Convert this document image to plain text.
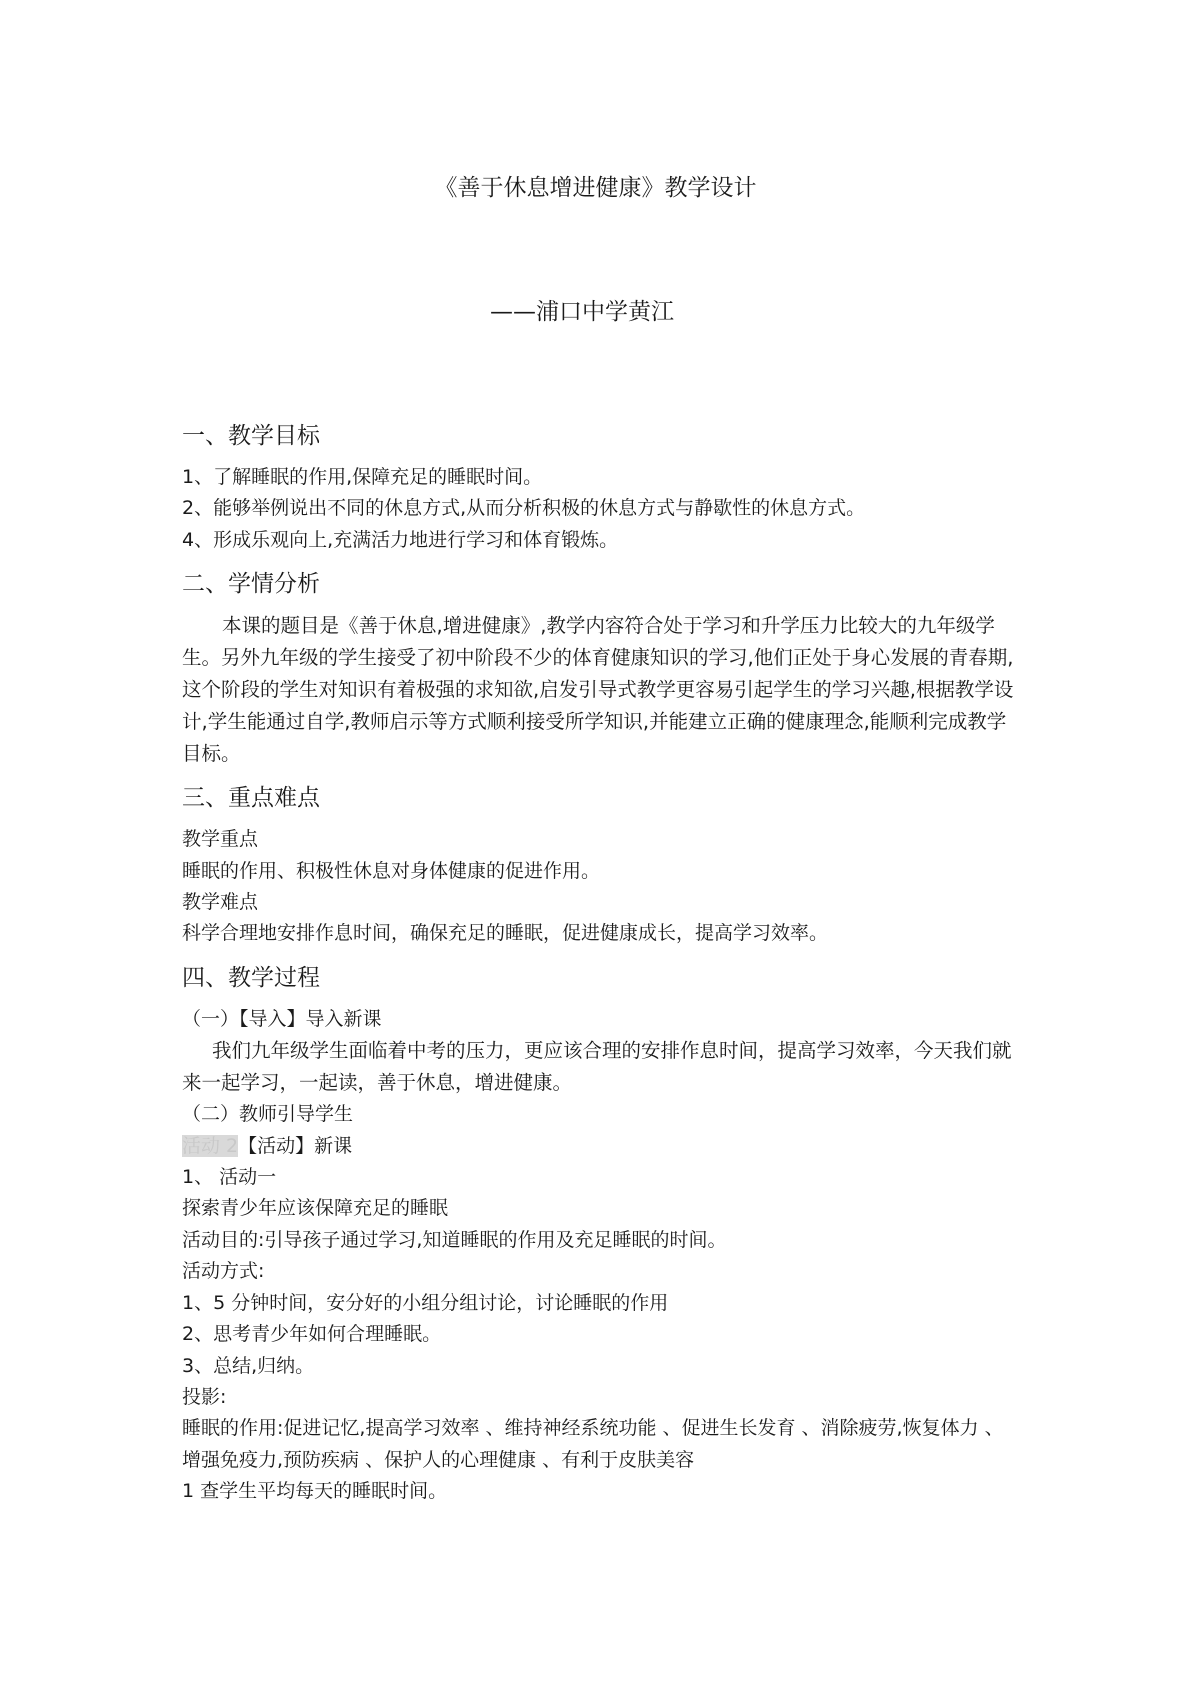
《善于休息增进健康》教学设计

——浦口中学黄江

一、教学目标

1、了解睡眠的作用,保障充足的睡眠时间。

2、能够举例说出不同的休息方式,从而分析积极的休息方式与静歇性的休息方式。

4、形成乐观向上,充满活力地进行学习和体育锻炼。

二、学情分析

本课的题目是《善于休息,增进健康》,教学内容符合处于学习和升学压力比较大的九年级学生。另外九年级的学生接受了初中阶段不少的体育健康知识的学习,他们正处于身心发展的青春期,这个阶段的学生对知识有着极强的求知欲,启发引导式教学更容易引起学生的学习兴趣,根据教学设计,学生能通过自学,教师启示等方式顺利接受所学知识,并能建立正确的健康理念,能顺利完成教学目标。

三、重点难点

教学重点

睡眠的作用、积极性休息对身体健康的促进作用。

教学难点

科学合理地安排作息时间，确保充足的睡眠，促进健康成长，提高学习效率。

四、教学过程

（一）【导入】导入新课

我们九年级学生面临着中考的压力，更应该合理的安排作息时间，提高学习效率，今天我们就来一起学习，一起读，善于休息，增进健康。

（二）教师引导学生

活动 2【活动】新课

1、 活动一

探索青少年应该保障充足的睡眠

活动目的:引导孩子通过学习,知道睡眠的作用及充足睡眠的时间。

活动方式:

1、5 分钟时间，安分好的小组分组讨论，讨论睡眠的作用

2、思考青少年如何合理睡眠。

3、总结,归纳。

投影:

睡眠的作用:促进记忆,提高学习效率 、维持神经系统功能 、促进生长发育 、消除疲劳,恢复体力 、增强免疫力,预防疾病 、保护人的心理健康 、有利于皮肤美容

1 查学生平均每天的睡眠时间。
